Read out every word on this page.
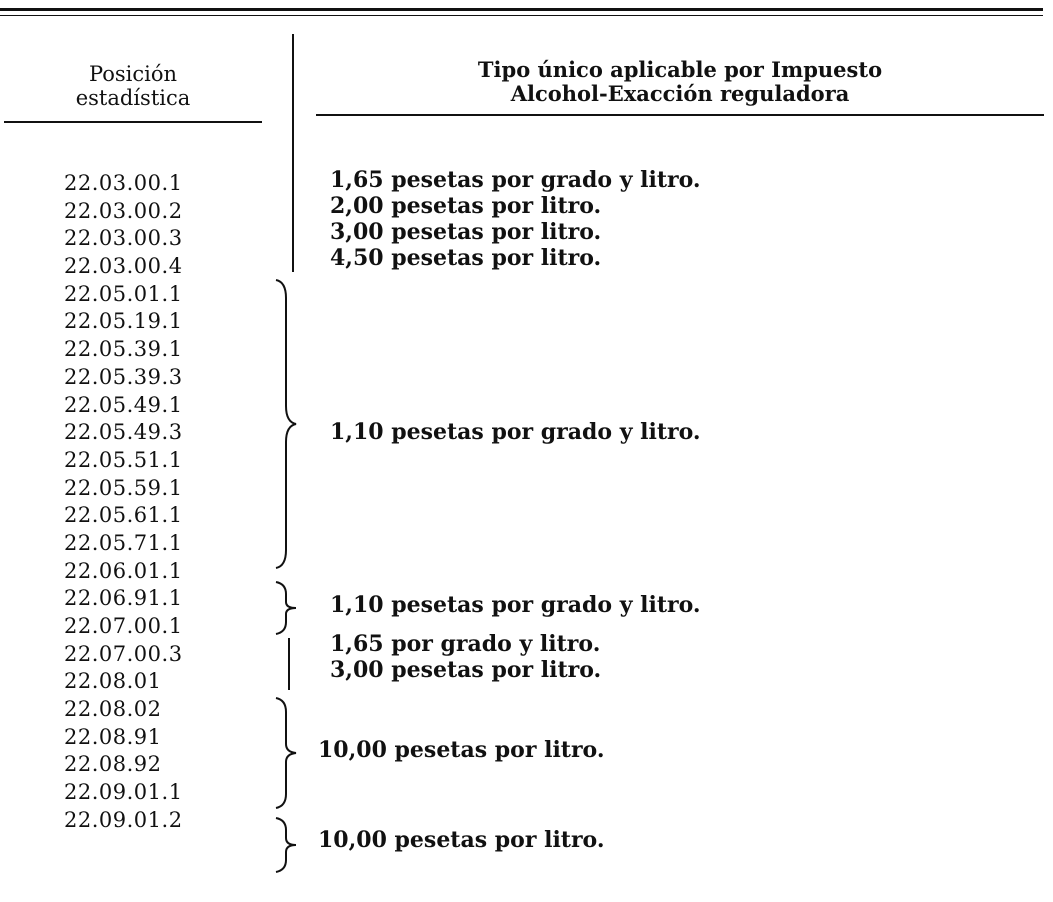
Posición
estadística
Tipo único aplicable por Impuesto
Alcohol-Exacción reguladora
22.03.00.1
22.03.00.2
22.03.00.3
22.03.00.4
22.05.01.1
22.05.19.1
22.05.39.1
22.05.39.3
22.05.49.1
22.05.49.3
22.05.51.1
22.05.59.1
22.05.61.1
22.05.71.1
22.06.01.1
22.06.91.1
22.07.00.1
22.07.00.3
22.08.01
22.08.02
22.08.91
22.08.92
22.09.01.1
22.09.01.2
1,65 pesetas por grado y litro.
2,00 pesetas por litro.
3,00 pesetas por litro.
4,50 pesetas por litro.
1,10 pesetas por grado y litro.
1,10 pesetas por grado y litro.
1,65 por grado y litro.
3,00 pesetas por litro.
10,00 pesetas por litro.
10,00 pesetas por litro.
